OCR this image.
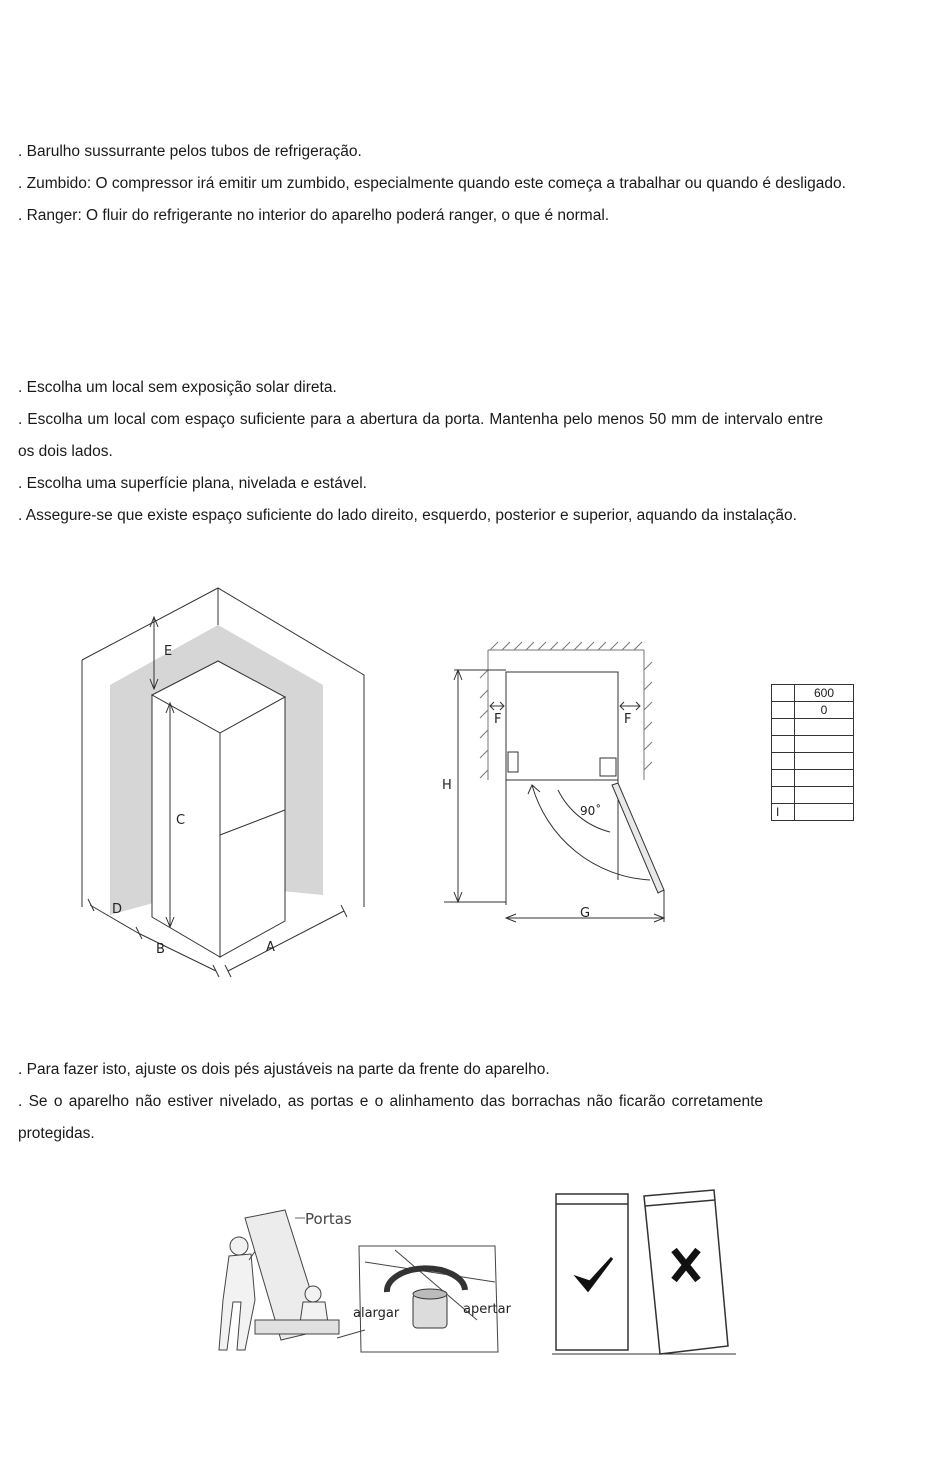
. Barulho sussurrante pelos tubos de refrigeração.

. Zumbido: O compressor irá emitir um zumbido, especialmente quando este começa a trabalhar ou quando é desligado.

. Ranger: O fluir do refrigerante no interior do aparelho poderá ranger, o que é normal.

. Escolha um local sem exposição solar direta.

. Escolha um local com espaço suficiente para a abertura da porta. Mantenha pelo menos 50 mm de intervalo entre os dois lados.

. Escolha uma superfície plana, nivelada e estável.

. Assegure-se que existe espaço suficiente do lado direito, esquerdo, posterior e superior, aquando da instalação.

E
C
D
B	A
90˚
F	F
H
G
	600
	0

I	

. Para fazer isto, ajuste os dois pés ajustáveis na parte da frente do aparelho.

. Se o aparelho não estiver nivelado, as portas e o alinhamento das borrachas não ficarão corretamente protegidas.

Portas
alargar	apertar
